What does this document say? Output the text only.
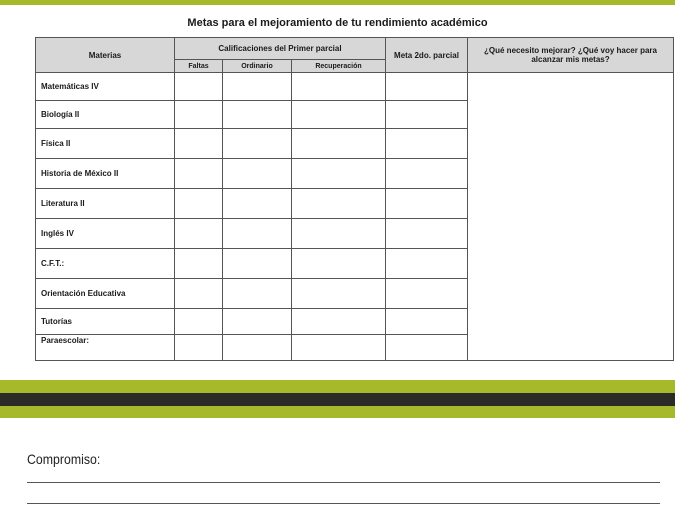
Metas para el mejoramiento de tu rendimiento académico
Materias	Calificaciones del Primer parcial			Meta 2do. parcial	¿Qué necesito mejorar? ¿Qué voy hacer para alcanzar mis metas?
	Faltas	Ordinario	Recuperación		
Matemáticas IV					
Biología II					
Física II					
Historia de México II					
Literatura II					
Inglés IV					
C.F.T.:					
Orientación Educativa					
Tutorías					
Paraescolar:					
Compromiso:
